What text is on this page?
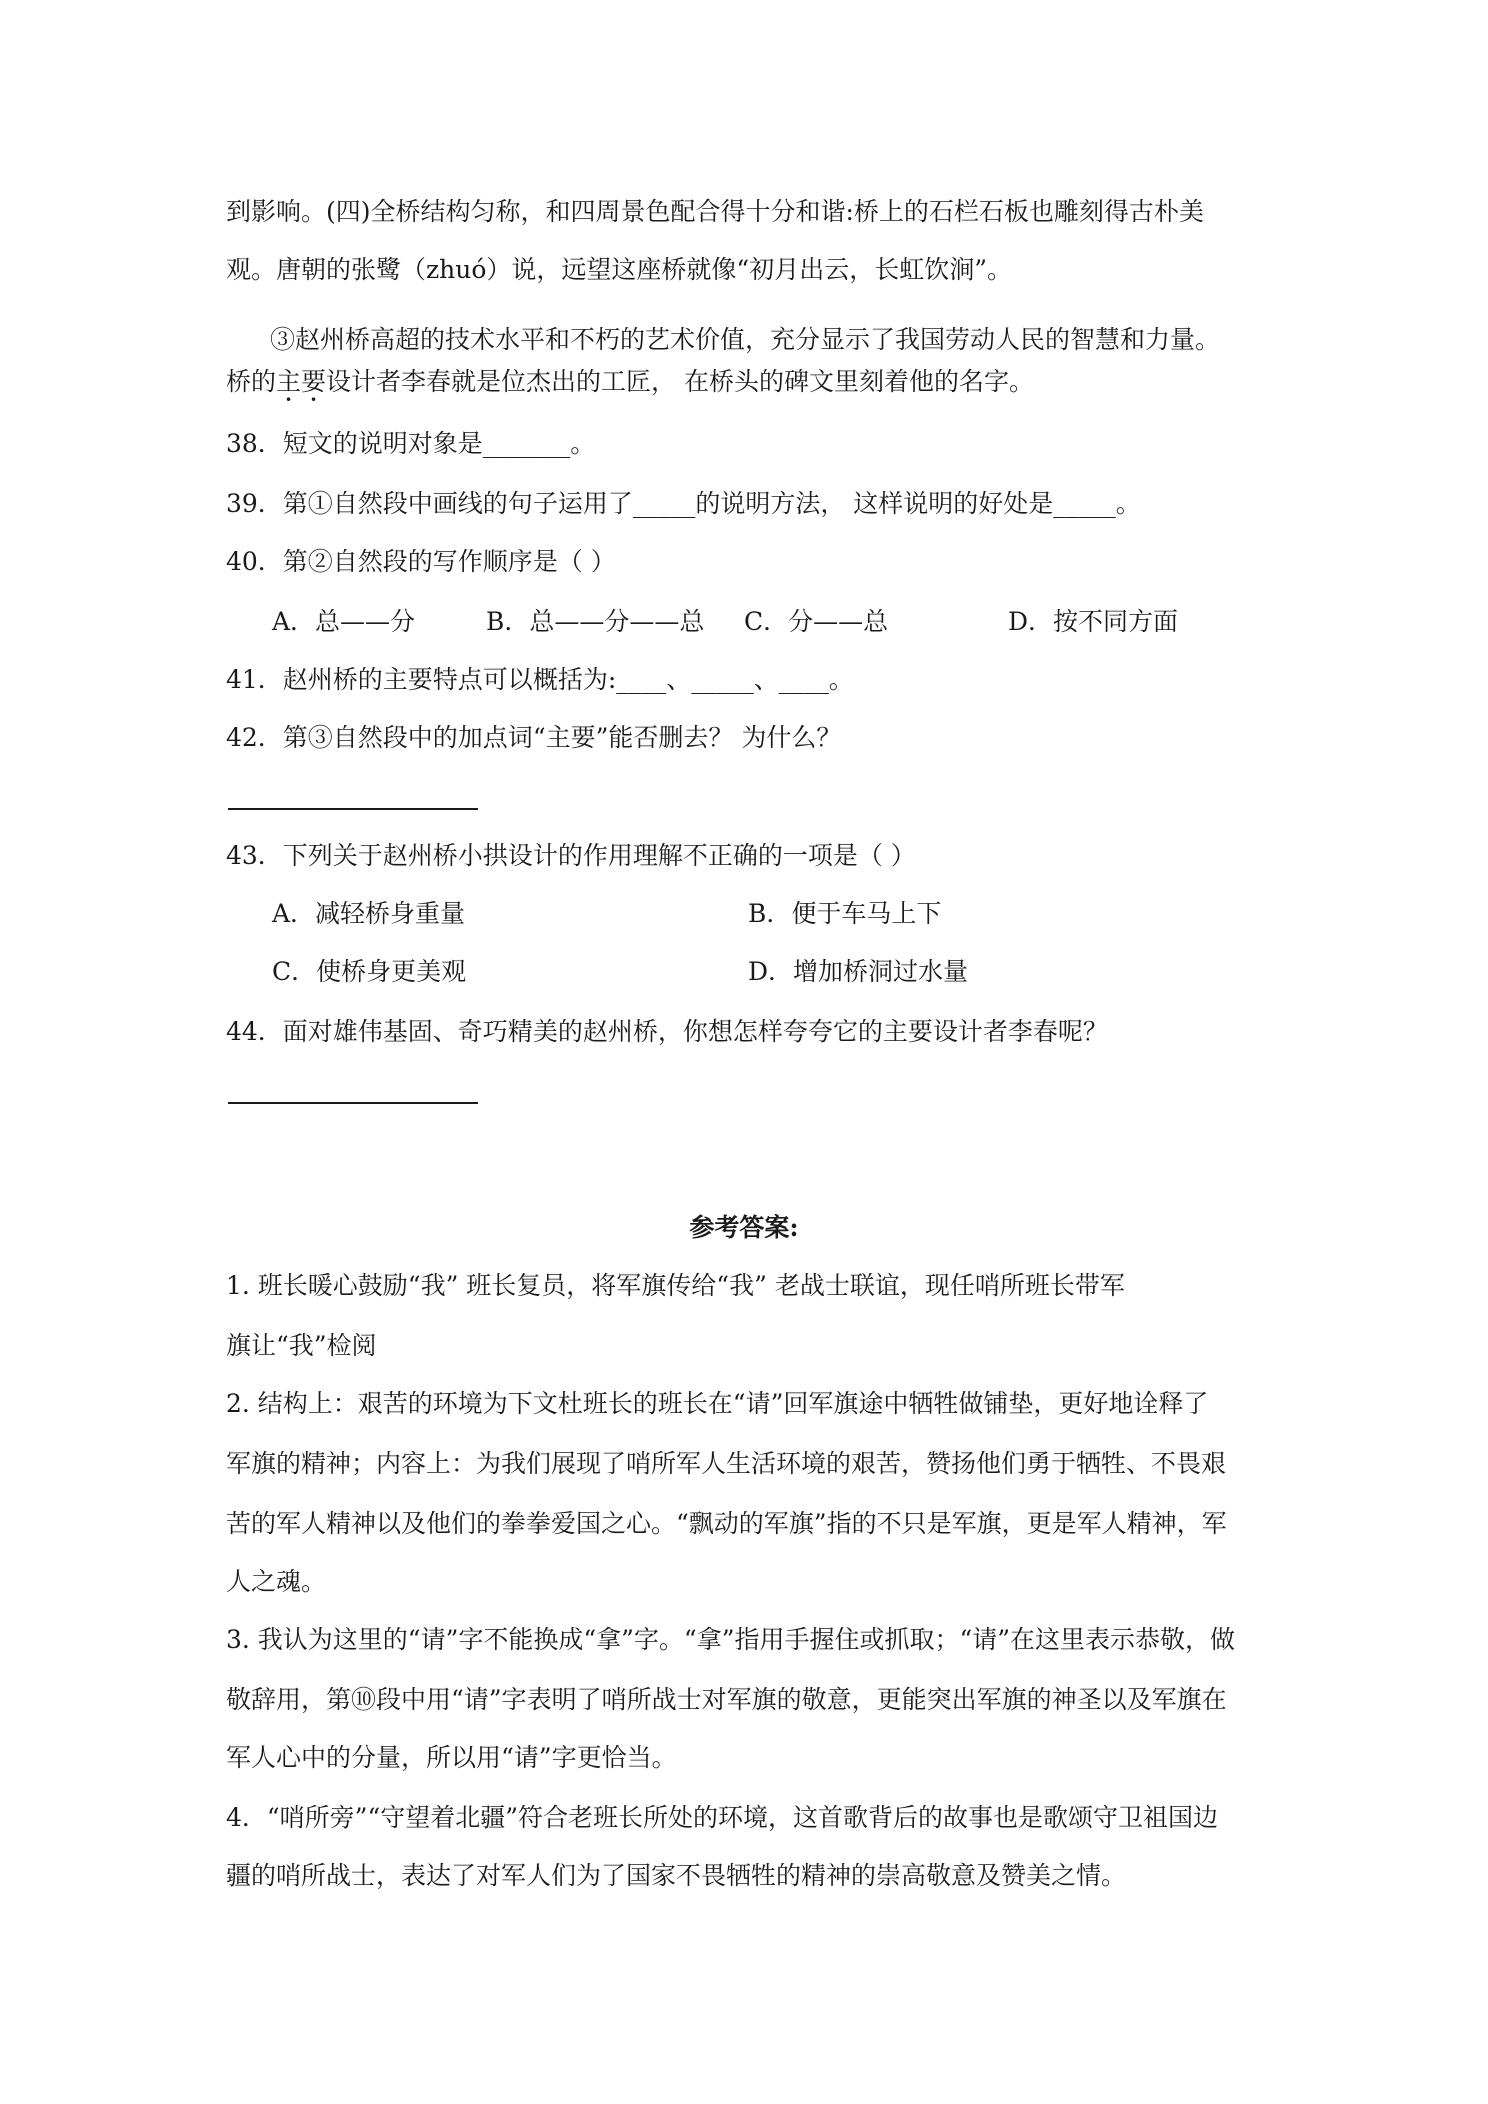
到影响。(四)全桥结构匀称，和四周景色配合得十分和谐:桥上的石栏石板也雕刻得古朴美
观。唐朝的张鹭（zhuó）说，远望这座桥就像“初月出云，长虹饮涧”。
③赵州桥高超的技术水平和不朽的艺术价值，充分显示了我国劳动人民的智慧和力量。
桥的主要设计者李春就是位杰出的工匠， 在桥头的碑文里刻着他的名字。
38．短文的说明对象是_______。
39．第①自然段中画线的句子运用了_____的说明方法， 这样说明的好处是_____。
40．第②自然段的写作顺序是（ ）
A．总——分	B．总——分——总 C．分——总	D．按不同方面
41．赵州桥的主要特点可以概括为:____、_____、____。
42．第③自然段中的加点词“主要”能否删去？ 为什么？
43．下列关于赵州桥小拱设计的作用理解不正确的一项是（ ）
A．减轻桥身重量	B．便于车马上下
C．使桥身更美观	D．增加桥洞过水量
44．面对雄伟基固、奇巧精美的赵州桥，你想怎样夸夸它的主要设计者李春呢？
参考答案:
1. 班长暖心鼓励“我” 班长复员，将军旗传给“我” 老战士联谊，现任哨所班长带军
旗让“我”检阅
2. 结构上：艰苦的环境为下文杜班长的班长在“请”回军旗途中牺牲做铺垫，更好地诠释了
军旗的精神；内容上：为我们展现了哨所军人生活环境的艰苦，赞扬他们勇于牺牲、不畏艰
苦的军人精神以及他们的拳拳爱国之心。“飘动的军旗”指的不只是军旗，更是军人精神，军
人之魂。
3. 我认为这里的“请”字不能换成“拿”字。“拿”指用手握住或抓取；“请”在这里表示恭敬，做
敬辞用，第⑩段中用“请”字表明了哨所战士对军旗的敬意，更能突出军旗的神圣以及军旗在
军人心中的分量，所以用“请”字更恰当。
4．“哨所旁”“守望着北疆”符合老班长所处的环境，这首歌背后的故事也是歌颂守卫祖国边
疆的哨所战士，表达了对军人们为了国家不畏牺牲的精神的崇高敬意及赞美之情。
